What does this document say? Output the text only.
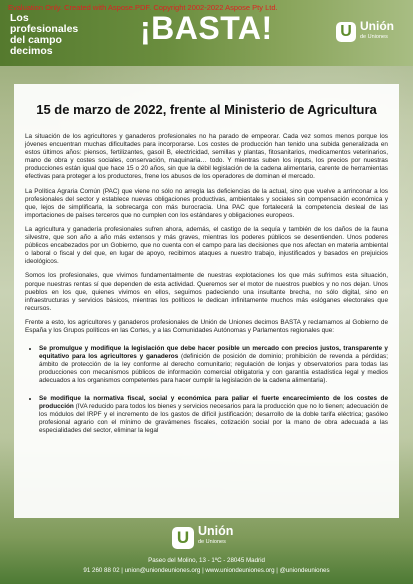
Evaluation Only. Created with Aspose.PDF. Copyright 2002-2022 Aspose Pty Ltd.
Los
profesionales
del campo
decimos
¡BASTA!	U Unión
de Uniones
15 de marzo de 2022, frente al Ministerio de Agricultura

La situación de los agricultores y ganaderos profesionales no ha parado de empeorar. Cada vez somos menos porque los jóvenes encuentran muchas dificultades para incorporarse. Los costes de producción han tenido una subida generalizada en estos últimos años: piensos, fertilizantes, gasoil B, electricidad, semillas y plantas, fitosanitarios, medicamentos veterinarios, mano de obra y costes sociales, conservación, maquinaria… todo. Y mientras suben los inputs, los precios por nuestras producciones están igual que hace 15 o 20 años, sin que la débil legislación de la cadena alimentaria, carente de herramientas efectivas para proteger a los productores, frene los abusos de los operadores de dominan el mercado.

La Política Agraria Común (PAC) que viene no sólo no arregla las deficiencias de la actual, sino que vuelve a arrinconar a los profesionales del sector y establece nuevas obligaciones productivas, ambientales y sociales sin compensación económica y que, lejos de simplificarla, la sobrecarga con más burocracia. Una PAC que fortalecerá la competencia desleal de las importaciones de países terceros que no cumplen con los estándares y obligaciones europeos.

La agricultura y ganadería profesionales sufren ahora, además, el castigo de la sequía y también de los daños de la fauna silvestre, que son año a año más extensos y más graves, mientras los poderes públicos se desentienden. Unos poderes públicos encabezados por un Gobierno, que no cuenta con el campo para las decisiones que nos afectan en materia ambiental o laboral o fiscal y del que, en lugar de apoyo, recibimos ataques a nuestro trabajo, injustificados y basados en prejuicios ideológicos.

Somos los profesionales, que vivimos fundamentalmente de nuestras explotaciones los que más sufrimos esta situación, porque nuestras rentas sí que dependen de esta actividad. Queremos ser el motor de nuestros pueblos y no nos dejan. Unos pueblos en los que, quienes vivimos en ellos, seguimos padeciendo una insultante brecha, no sólo digital, sino en infraestructuras y servicios básicos, mientras los políticos le dedican infinitamente muchos más eslóganes electorales que recursos.

Frente a esto, los agricultores y ganaderos profesionales de Unión de Uniones decimos BASTA y reclamamos al Gobierno de España y los Grupos políticos en las Cortes, y a las Comunidades Autónomas y Parlamentos regionales que:

• Se promulgue y modifique la legislación que debe hacer posible un mercado con precios justos, transparente y equitativo para los agricultores y ganaderos (definición de posición de dominio; prohibición de revenda a pérdidas; ámbito de protección de la ley conforme al derecho comunitario; regulación de lonjas y observatorios para todas las producciones con mecanismos públicos de información comercial obligatoria y con garantía estadística legal y medios adecuados a los organismos competentes para hacer cumplir la legislación de la cadena alimentaria).
• Se modifique la normativa fiscal, social y económica para paliar el fuerte encarecimiento de los costes de producción (IVA reducido para todos los bienes y servicios necesarios para la producción que no lo tienen; adecuación de los módulos del IRPF y el incremento de los gastos de difícil justificación; desarrollo de la doble tarifa eléctrica; gasóleo profesional agrario con el mínimo de gravámenes fiscales, cotización social por la mano de obra adecuada a las especialidades del sector, eliminar la legal
U Unión
de Uniones
Paseo del Molino, 13 - 1ºC - 28045 Madrid
91 260 88 02 | union@uniondeuniones.org | www.uniondeuniones.org | @uniondeuniones
